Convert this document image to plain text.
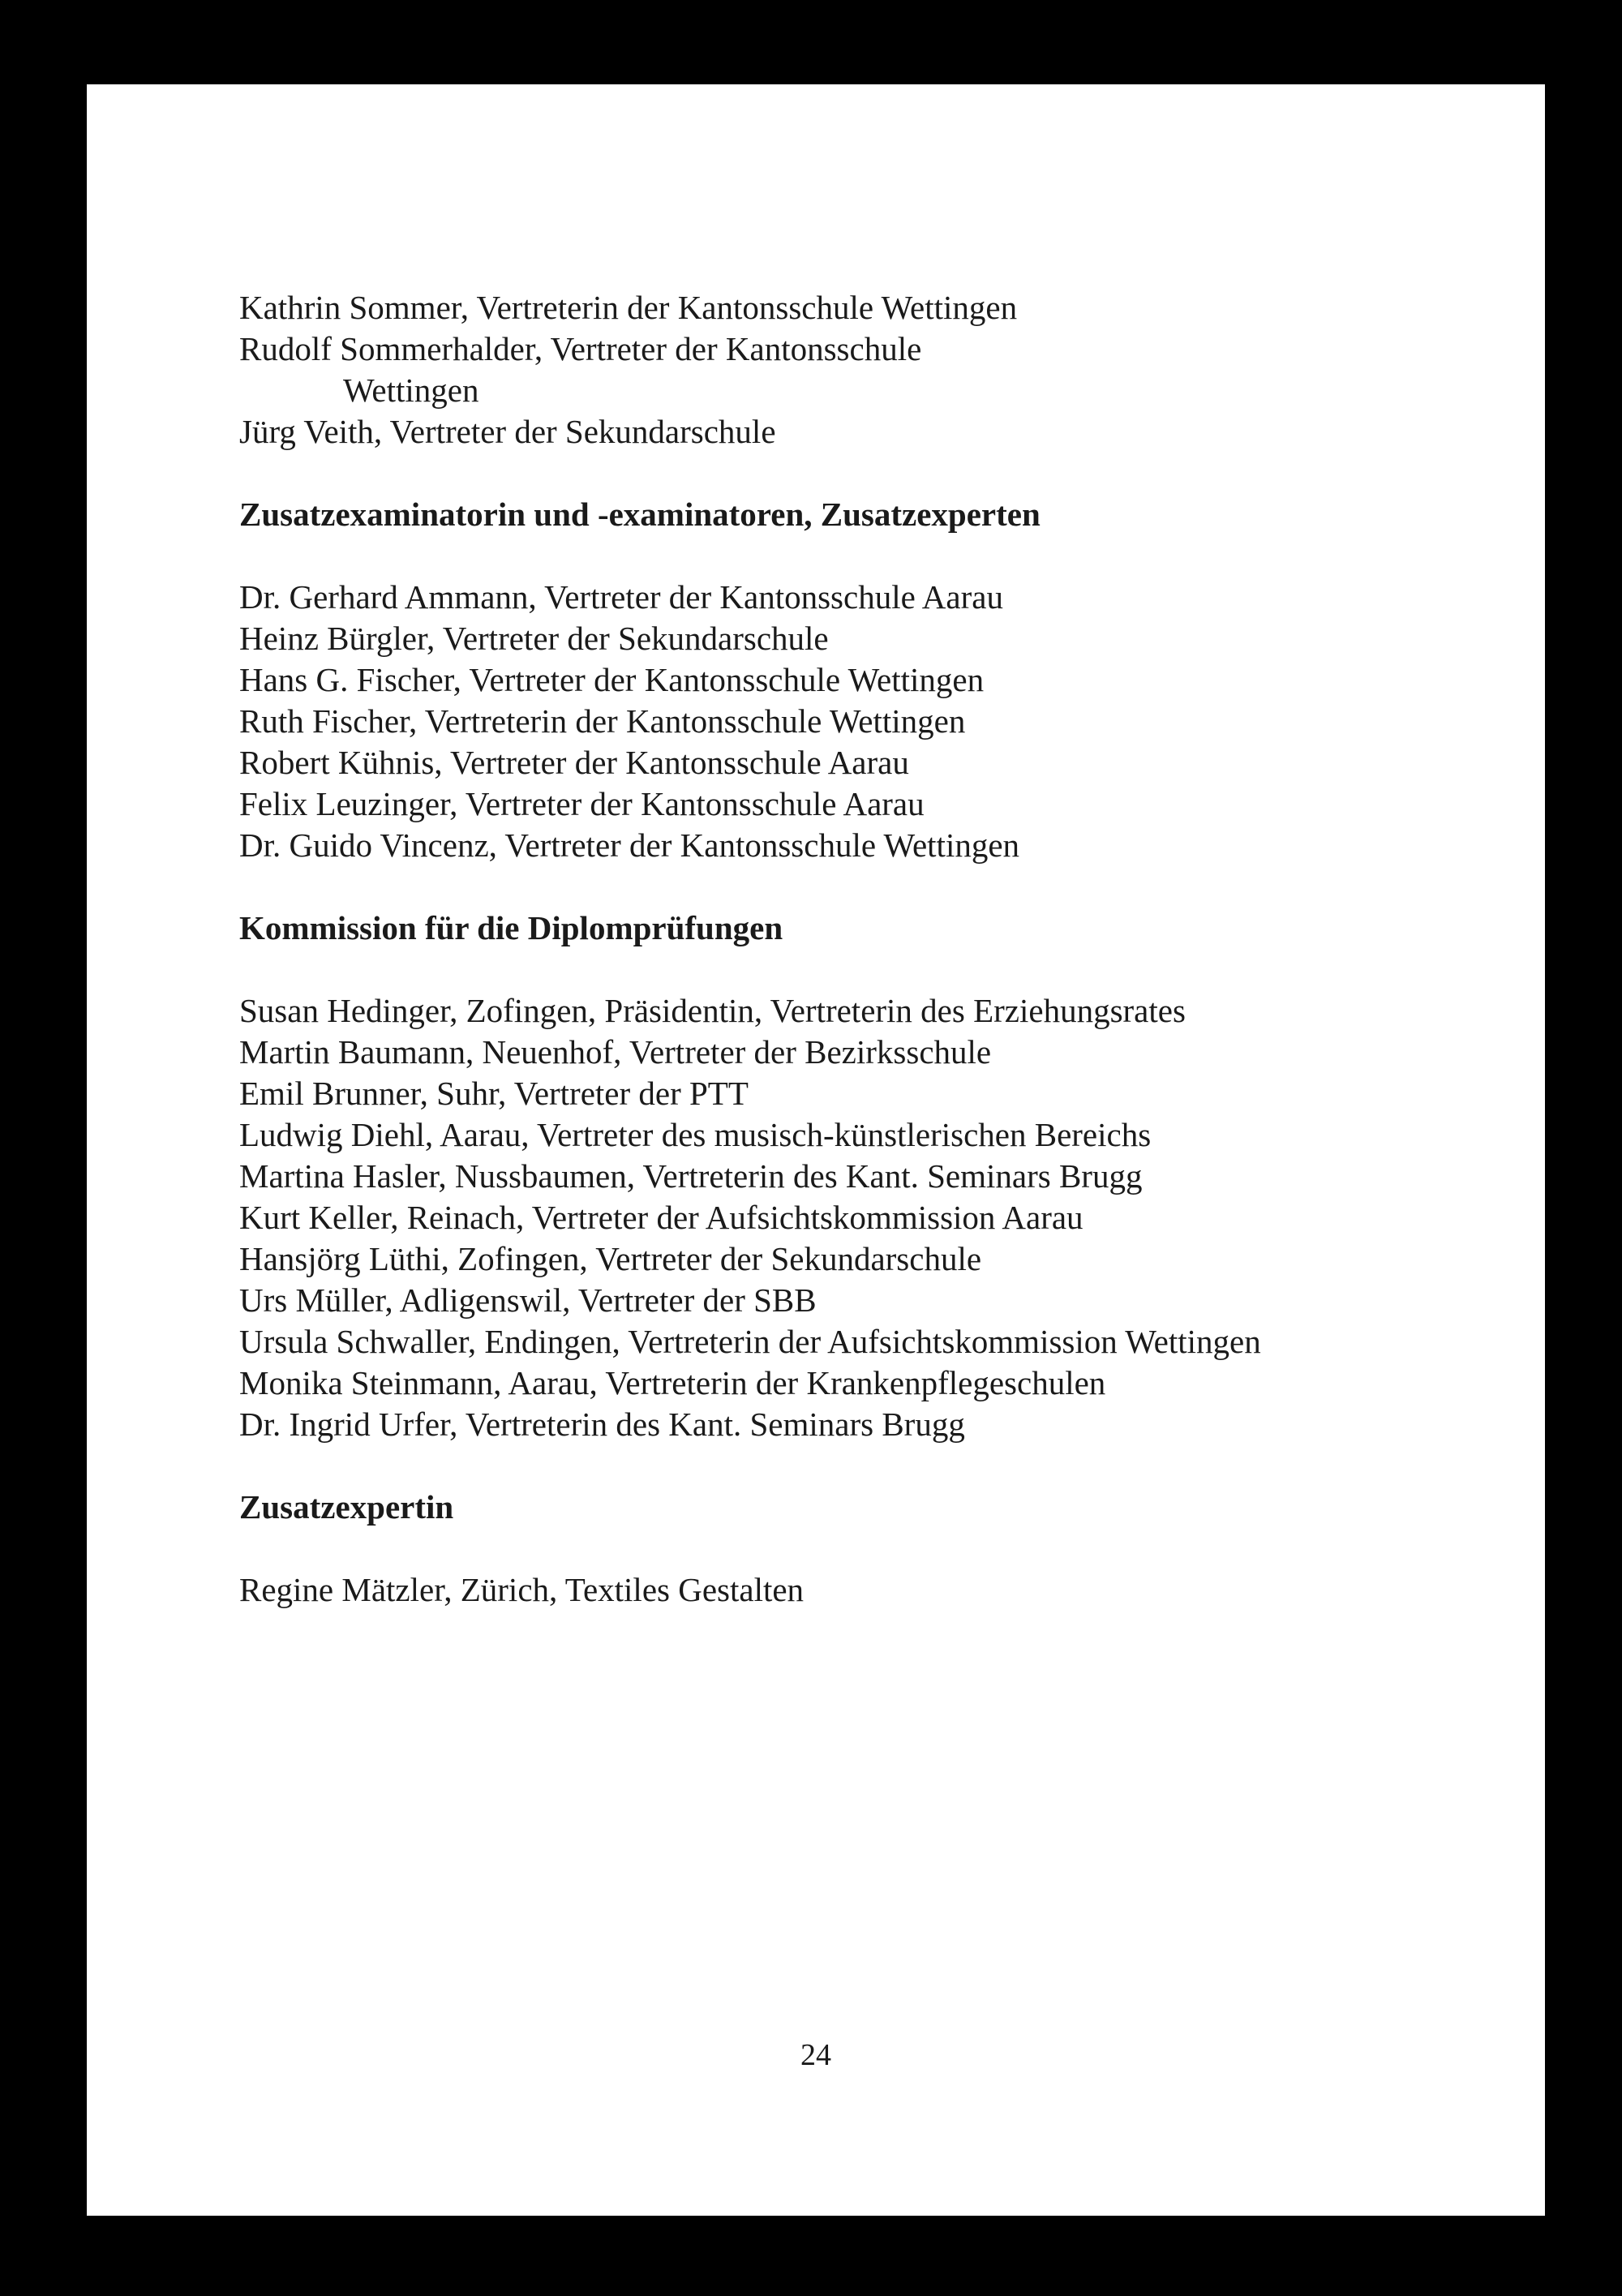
Kathrin Sommer, Vertreterin der Kantonsschule Wettingen
Rudolf Sommerhalder, Vertreter der Kantonsschule
Wettingen
Jürg Veith, Vertreter der Sekundarschule
Zusatzexaminatorin und -examinatoren, Zusatzexperten
Dr. Gerhard Ammann, Vertreter der Kantonsschule Aarau
Heinz Bürgler, Vertreter der Sekundarschule
Hans G. Fischer, Vertreter der Kantonsschule Wettingen
Ruth Fischer, Vertreterin der Kantonsschule Wettingen
Robert Kühnis, Vertreter der Kantonsschule Aarau
Felix Leuzinger, Vertreter der Kantonsschule Aarau
Dr. Guido Vincenz, Vertreter der Kantonsschule Wettingen
Kommission für die Diplomprüfungen
Susan Hedinger, Zofingen, Präsidentin, Vertreterin des Erziehungsrates
Martin Baumann, Neuenhof, Vertreter der Bezirksschule
Emil Brunner, Suhr, Vertreter der PTT
Ludwig Diehl, Aarau, Vertreter des musisch-künstlerischen Bereichs
Martina Hasler, Nussbaumen, Vertreterin des Kant. Seminars Brugg
Kurt Keller, Reinach, Vertreter der Aufsichtskommission Aarau
Hansjörg Lüthi, Zofingen, Vertreter der Sekundarschule
Urs Müller, Adligenswil, Vertreter der SBB
Ursula Schwaller, Endingen, Vertreterin der Aufsichtskommission Wettingen
Monika Steinmann, Aarau, Vertreterin der Krankenpflegeschulen
Dr. Ingrid Urfer, Vertreterin des Kant. Seminars Brugg
Zusatzexpertin
Regine Mätzler, Zürich, Textiles Gestalten
24
